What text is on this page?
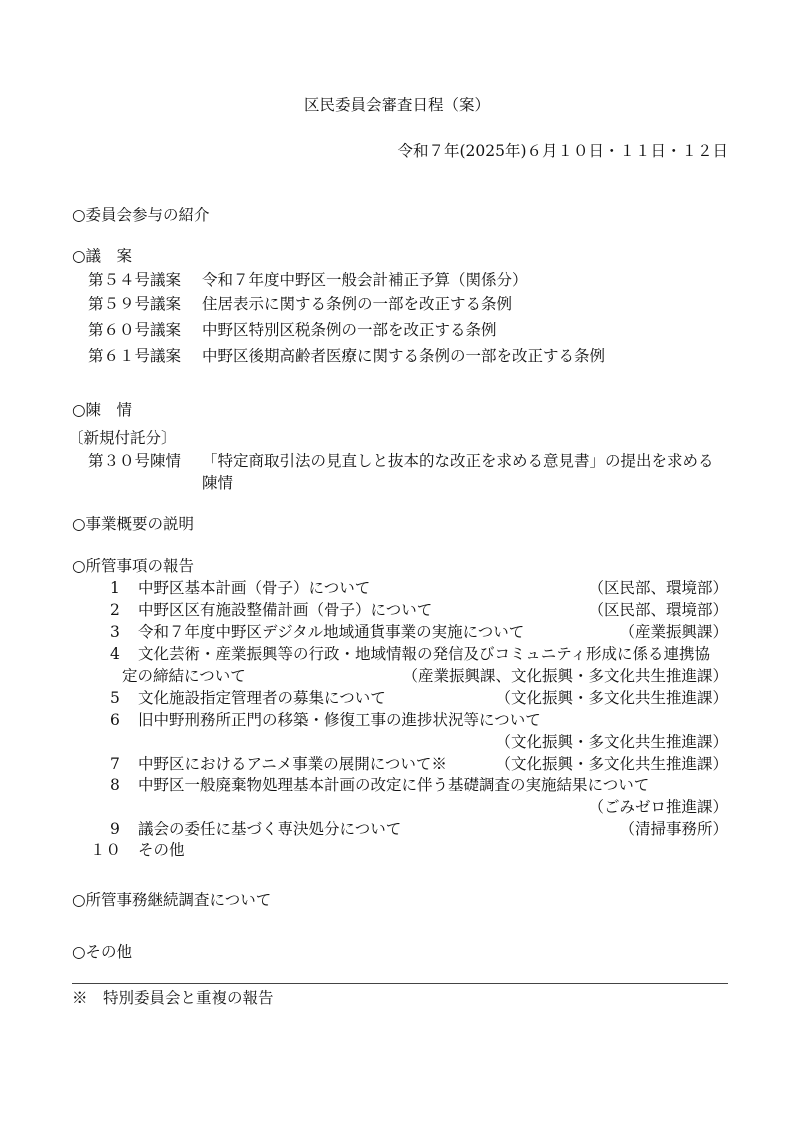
区民委員会審査日程（案）
令和７年(2025年)６月１０日・１１日・１２日
○委員会参与の紹介
○議　案
第５４号議案 令和７年度中野区一般会計補正予算（関係分）
第５９号議案 住居表示に関する条例の一部を改正する条例
第６０号議案 中野区特別区税条例の一部を改正する条例
第６１号議案 中野区後期高齢者医療に関する条例の一部を改正する条例
○陳　情
〔新規付託分〕
第３０号陳情 「特定商取引法の見直しと抜本的な改正を求める意見書」の提出を求める
陳情
○事業概要の説明
○所管事項の報告
1 中野区基本計画（骨子）について	（区民部、環境部）
2 中野区区有施設整備計画（骨子）について	（区民部、環境部）
3 令和７年度中野区デジタル地域通貨事業の実施について	（産業振興課）
4 文化芸術・産業振興等の行政・地域情報の発信及びコミュニティ形成に係る連携協
定の締結について	（産業振興課、文化振興・多文化共生推進課）
5 文化施設指定管理者の募集について	（文化振興・多文化共生推進課）
6 旧中野刑務所正門の移築・修復工事の進捗状況等について
（文化振興・多文化共生推進課）
7 中野区におけるアニメ事業の展開について※	（文化振興・多文化共生推進課）
8 中野区一般廃棄物処理基本計画の改定に伴う基礎調査の実施結果について
（ごみゼロ推進課）
9 議会の委任に基づく専決処分について	（清掃事務所）
１０ その他
○所管事務継続調査について
○その他
※　特別委員会と重複の報告
